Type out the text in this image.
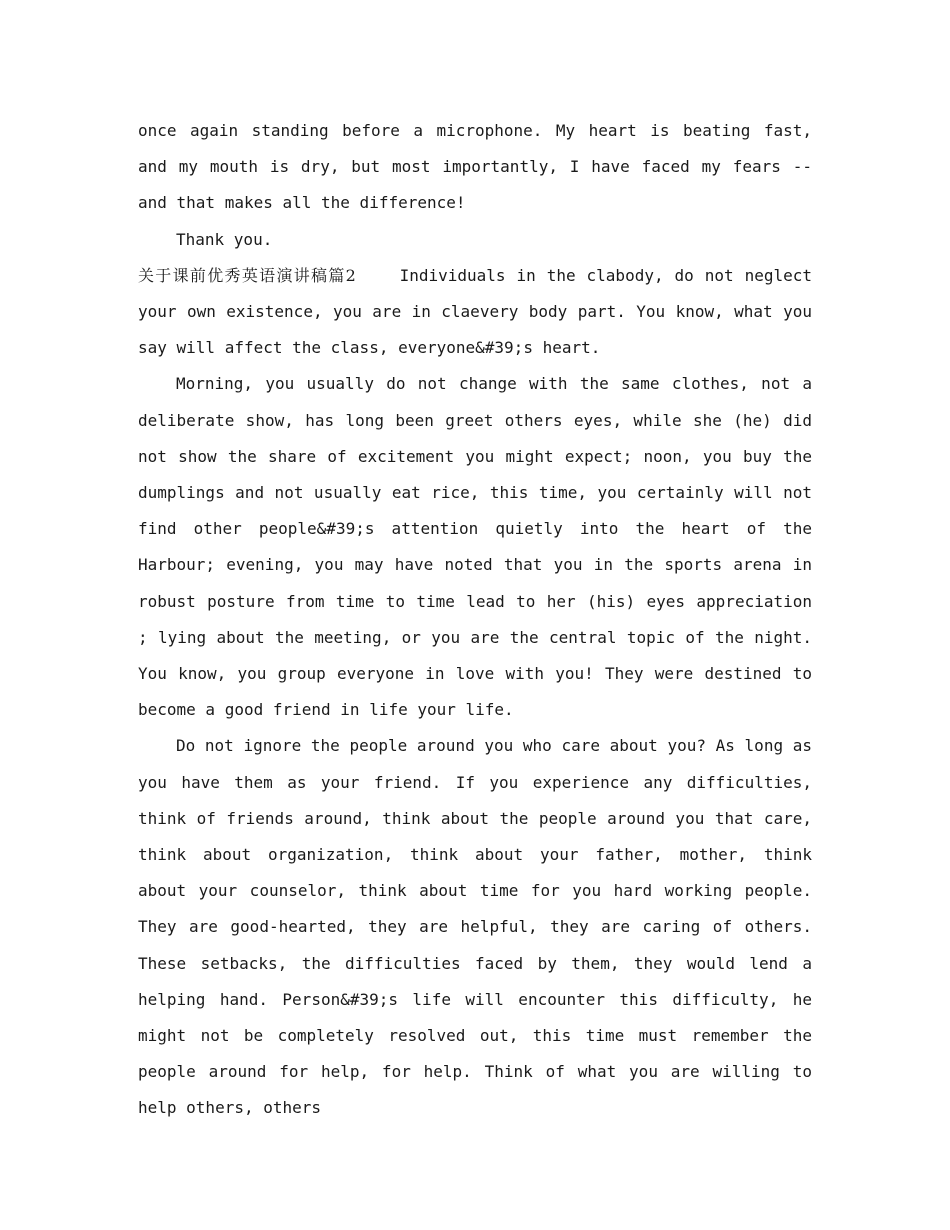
once again standing before a microphone. My heart is beating fast, and my mouth is dry, but most importantly, I have faced my fears -- and that makes all the difference!

Thank you.

关于课前优秀英语演讲稿篇2	Individuals in the clabody, do not neglect your own existence, you are in claevery body part. You know, what you say will affect the class, everyone&#39;s heart.

Morning, you usually do not change with the same clothes, not a deliberate show, has long been greet others eyes, while she (he) did not show the share of excitement you might expect; noon, you buy the dumplings and not usually eat rice, this time, you certainly will not find other people&#39;s attention quietly into the heart of the Harbour; evening, you may have noted that you in the sports arena in robust posture from time to time lead to her (his) eyes appreciation ; lying about the meeting, or you are the central topic of the night. You know, you group everyone in love with you! They were destined to become a good friend in life your life.

Do not ignore the people around you who care about you? As long as you have them as your friend. If you experience any difficulties, think of friends around, think about the people around you that care, think about organization, think about your father, mother, think about your counselor, think about time for you hard working people. They are good-hearted, they are helpful, they are caring of others. These setbacks, the difficulties faced by them, they would lend a helping hand. Person&#39;s life will encounter this difficulty, he might not be completely resolved out, this time must remember the people around for help, for help. Think of what you are willing to help others, others
